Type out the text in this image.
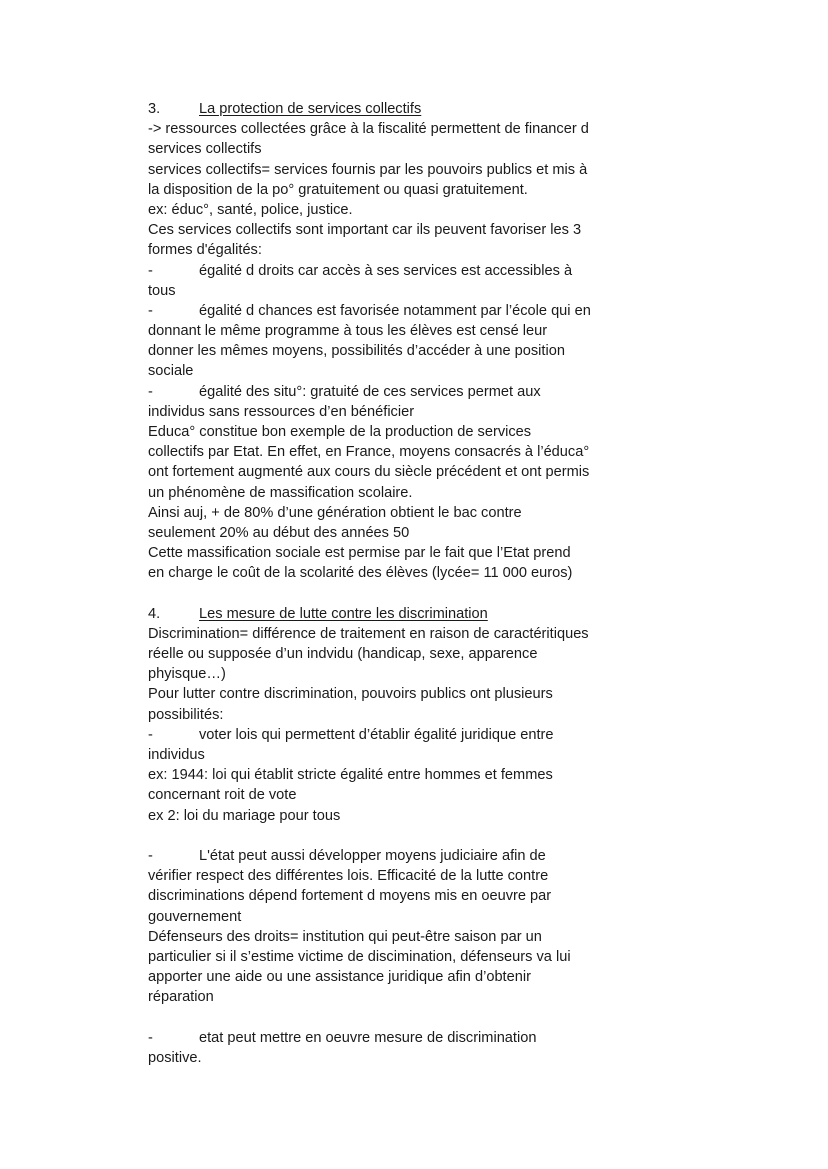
3.	La protection de services collectifs
-> ressources collectées grâce à la fiscalité permettent de financer d
services collectifs
services collectifs= services fournis par les pouvoirs publics et mis à
la disposition de la po° gratuitement ou quasi gratuitement.
ex: éduc°, santé, police, justice.
Ces services collectifs sont important car ils peuvent favoriser les 3
formes d'égalités:
-	égalité d droits car accès à ses services est accessibles à
tous
-	égalité d chances est favorisée notamment par l’école qui en
donnant le même programme à tous les élèves est censé leur
donner les mêmes moyens, possibilités d’accéder à une position
sociale
-	égalité des situ°: gratuité de ces services permet aux
individus sans ressources d’en bénéficier
Educa° constitue bon exemple de la production de services
collectifs par Etat. En effet, en France, moyens consacrés à l’éduca°
ont fortement augmenté aux cours du siècle précédent et ont permis
un phénomène de massification scolaire.
Ainsi auj, + de 80% d’une génération obtient le bac contre
seulement 20% au début des années 50
Cette massification sociale est permise par le fait que l’Etat prend
en charge le coût de la scolarité des élèves (lycée= 11 000 euros)
4.	Les mesure de lutte contre les discrimination
Discrimination= différence de traitement en raison de caractéritiques
réelle ou supposée d’un indvidu (handicap, sexe, apparence
phyisque…)
Pour lutter contre discrimination, pouvoirs publics ont plusieurs
possibilités:
-	voter lois qui permettent d’établir égalité juridique entre
individus
ex: 1944: loi qui établit stricte égalité entre hommes et femmes
concernant roit de vote
ex 2: loi du mariage pour tous
-	L'état peut aussi développer moyens judiciaire afin de
vérifier respect des différentes lois. Efficacité de la lutte contre
discriminations dépend fortement d moyens mis en oeuvre par
gouvernement
Défenseurs des droits= institution qui peut-être saison par un
particulier si il s’estime victime de discimination, défenseurs va lui
apporter une aide ou une assistance juridique afin d’obtenir
réparation
-	etat peut mettre en oeuvre mesure de discrimination
positive.
